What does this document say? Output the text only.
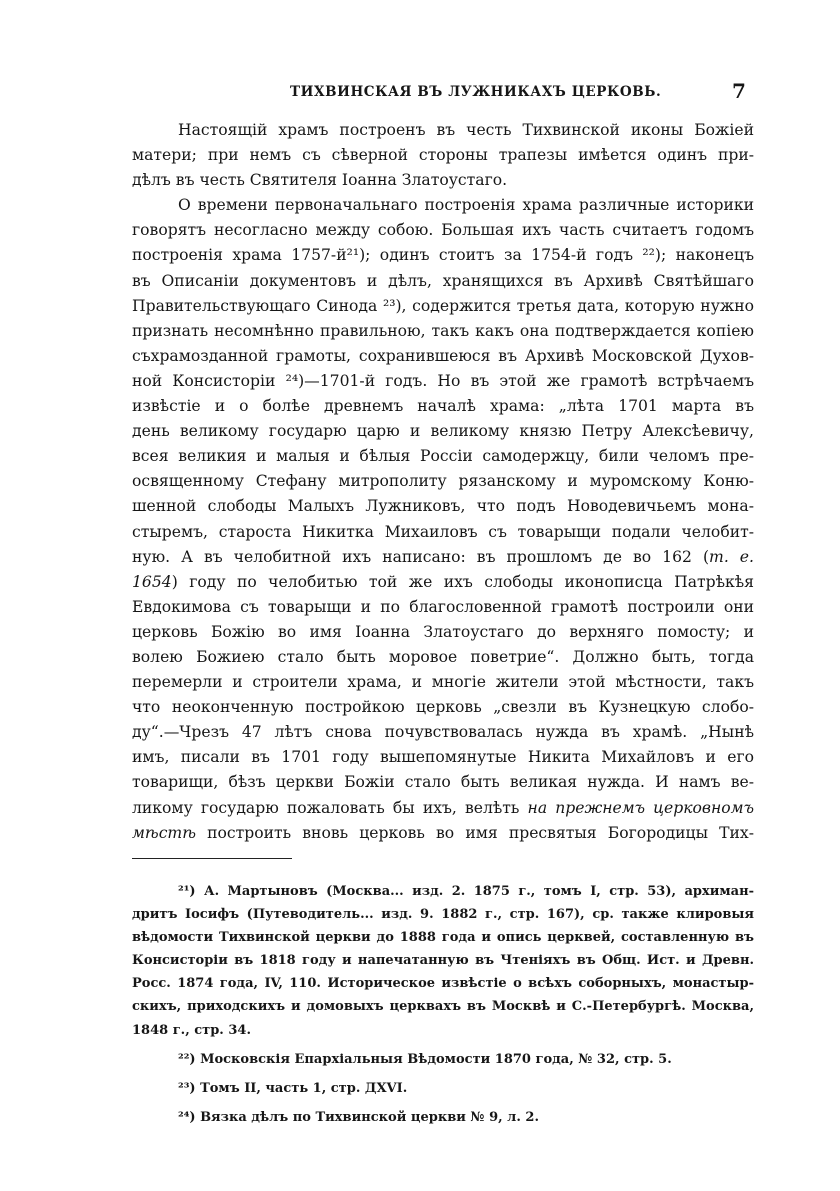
ТИХВИНСКАЯ ВЪ ЛУЖНИКАХЪ ЦЕРКОВЬ.	7
Настоящій храмъ построенъ въ честь Тихвинской иконы Божіей
матери; при немъ съ сѣверной стороны трапезы имѣется одинъ при-
дѣлъ въ честь Святителя Іоанна Златоустаго.
О времени первоначальнаго построенія храма различные историки
говорятъ несогласно между собою. Большая ихъ часть считаетъ годомъ
построенія храма 1757-й²¹); одинъ стоитъ за 1754-й годъ ²²); наконецъ
въ Описаніи документовъ и дѣлъ, хранящихся въ Архивѣ Святѣйшаго
Правительствующаго Синода ²³), содержится третья дата, которую нужно
признать несомнѣнно правильною, такъ какъ она подтверждается копіею
съхрамозданной грамоты, сохранившеюся въ Архивѣ Московской Духов-
ной Консисторіи ²⁴)—1701-й годъ. Но въ этой же грамотѣ встрѣчаемъ
извѣстіе и о болѣе древнемъ началѣ храма: „лѣта 1701 марта въ
день великому государю царю и великому князю Петру Алексѣевичу,
всея великия и малыя и бѣлыя Россіи самодержцу, били челомъ пре-
освященному Стефану митрополиту рязанскому и муромскому Коню-
шенной слободы Малыхъ Лужниковъ, что подъ Новодевичьемъ мона-
стыремъ, староста Никитка Михаиловъ съ товарыщи подали челобит-
ную. А въ челобитной ихъ написано: въ прошломъ де во 162 (т. е.
1654) году по челобитью той же ихъ слободы иконописца Патрѣкѣя
Евдокимова съ товарыщи и по благословенной грамотѣ построили они
церковь Божію во имя Іоанна Златоустаго до верхняго помосту; и
волею Божиею стало быть моровое поветрие“. Должно быть, тогда
перемерли и строители храма, и многіе жители этой мѣстности, такъ
что неоконченную постройкою церковь „свезли въ Кузнецкую слобо-
ду“.—Чрезъ 47 лѣтъ снова почувствовалась нужда въ храмѣ. „Нынѣ
имъ, писали въ 1701 году вышепомянутые Никита Михайловъ и его
товарищи, бѣзъ церкви Божіи стало быть великая нужда. И намъ ве-
ликому государю пожаловать бы ихъ, велѣть на прежнемъ церковномъ
мѣстѣ построить вновь церковь во имя пресвятыя Богородицы Тих-
²¹) А. Мартыновъ (Москва... изд. 2. 1875 г., томъ І, стр. 53), архиман-
дритъ Іосифъ (Путеводитель... изд. 9. 1882 г., стр. 167), ср. также клировыя
вѣдомости Тихвинской церкви до 1888 года и опись церквей, составленную въ
Консисторіи въ 1818 году и напечатанную въ Чтеніяхъ въ Общ. Ист. и Древн.
Росс. 1874 года, IV, 110. Историческое извѣстіе о всѣхъ соборныхъ, монастыр-
скихъ, приходскихъ и домовыхъ церквахъ въ Москвѣ и С.-Петербургѣ. Москва,
1848 г., стр. 34.
²²) Московскія Епархіальныя Вѣдомости 1870 года, № 32, стр. 5.
²³) Томъ II, часть 1, стр. ДХVІ.
²⁴) Вязка дѣлъ по Тихвинской церкви № 9, л. 2.
